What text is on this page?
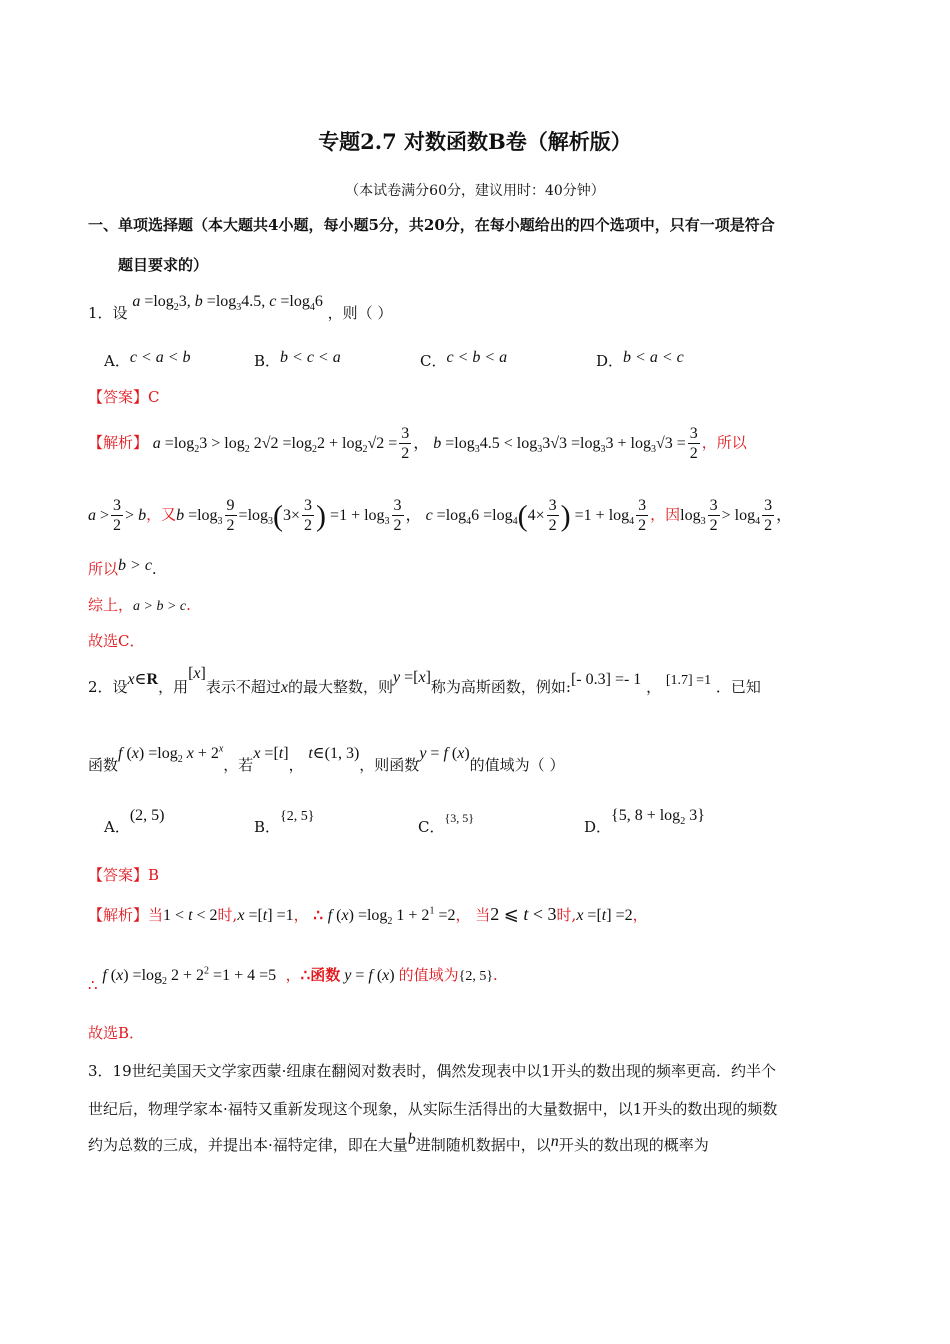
专题2.7 对数函数B卷（解析版）
（本试卷满分60分，建议用时：40分钟）
一、单项选择题（本大题共4小题，每小题5分，共20分，在每小题给出的四个选项中，只有一项是符合
题目要求的）
1．设 $a =\log_23$, $b =\log_34.5$, $c =\log_46$ ，则（ ）
A．c < a < b	B．b < c < a	C．c < b < a	D．b < a < c
【答案】C
【解析】 $a =\log_23 > \log_2 2√2 =\log_22 + \log_2√2 = \frac{3}{2}$ ， $b =\log_34.5 < \log_33√3 =\log_33 + \log_3√3 = \frac{3}{2}$ ，所以
$a > \frac{3}{2} > b$，又$b =\log_3 \frac{9}{2} =\log_3(3\times \frac{3}{2}$ ) $=1 + \log_3 \frac{3}{2}$ ， $c =\log_46 =\log_4(4\times \frac{3}{2}$ ) $=1 + \log_4 \frac{3}{2}$ ，因$\log_3 \frac{3}{2} > \log_4 \frac{3}{2}$ ，
所以b > c.
综上，a > b > c.
故选C．
2．设x∈R，用[x]表示不超过x的最大整数，则y =[x]称为高斯函数，例如:[- 0.3] =- 1 ， [1.7] =1 ．已知
函数f $(x) =\log_2$ $x + 2^x$，若x =[t]， t∈(1, 3)，则函数y = f (x)的值域为（ ）
A．(2, 5)
B．{2, 5}
C．$^{\{3, 5\}}$	D．{5, $8 + \log_2 3$}
【答案】B
【解析】当1 < t < 2时,x =[t] =1， ∴ f $(x) =\log_2$ $1 + 2^1 =2$， 当2 ⩽ t < 3时,x =[t] =2，
∴ f $(x) =\log_2$ $2 + 2^2 =1 + 4 =5$  ，∴函数 y = f (x) 的值域为{2, 5}.
故选B．
3．19世纪美国天文学家西蒙·纽康在翻阅对数表时，偶然发现表中以1开头的数出现的频率更高．约半个
世纪后，物理学家本·福特又重新发现这个现象，从实际生活得出的大量数据中，以1开头的数出现的频数
约为总数的三成，并提出本·福特定律，即在大量b进制随机数据中，以n开头的数出现的概率为
